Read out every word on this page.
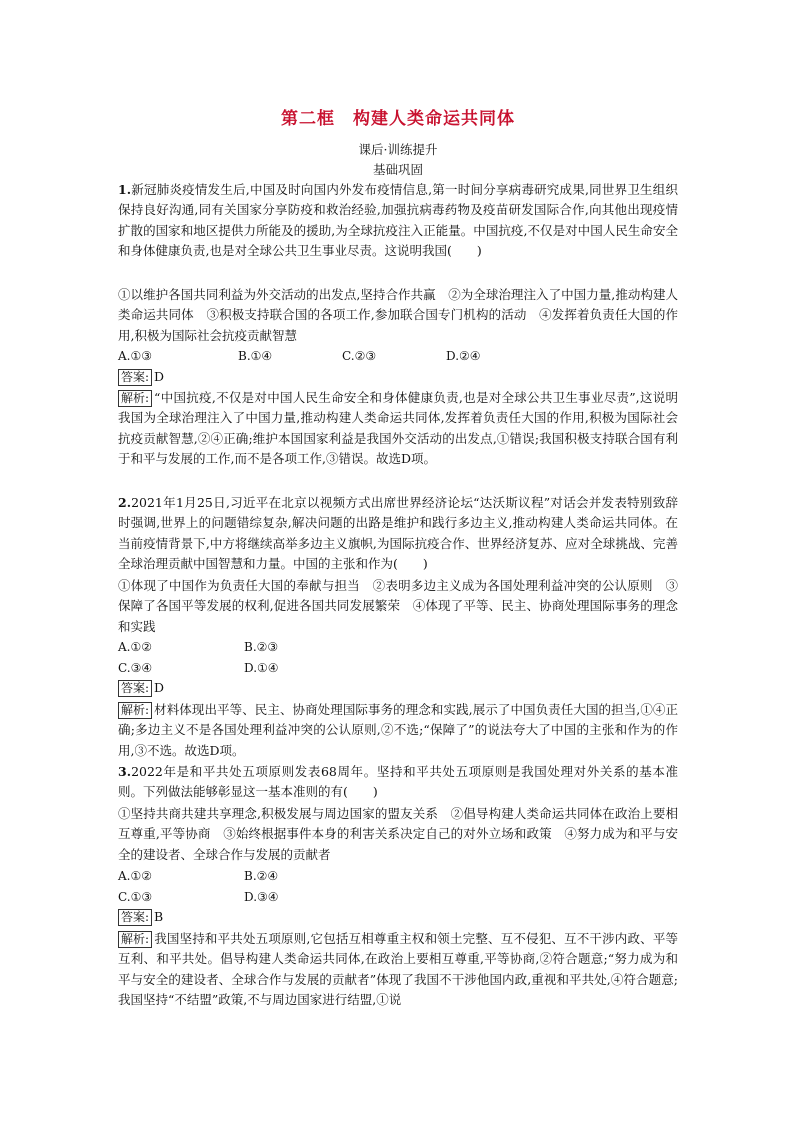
第二框　构建人类命运共同体
课后·训练提升
基础巩固
1.新冠肺炎疫情发生后,中国及时向国内外发布疫情信息,第一时间分享病毒研究成果,同世界卫生组织保持良好沟通,同有关国家分享防疫和救治经验,加强抗病毒药物及疫苗研发国际合作,向其他出现疫情扩散的国家和地区提供力所能及的援助,为全球抗疫注入正能量。中国抗疫,不仅是对中国人民生命安全和身体健康负责,也是对全球公共卫生事业尽责。这说明我国(　　)
①以维护各国共同利益为外交活动的出发点,坚持合作共赢　②为全球治理注入了中国力量,推动构建人类命运共同体　③积极支持联合国的各项工作,参加联合国专门机构的活动　④发挥着负责任大国的作用,积极为国际社会抗疫贡献智慧
A.①③	B.①④	C.②③	D.②④
答案: D
解析: “中国抗疫,不仅是对中国人民生命安全和身体健康负责,也是对全球公共卫生事业尽责”,这说明我国为全球治理注入了中国力量,推动构建人类命运共同体,发挥着负责任大国的作用,积极为国际社会抗疫贡献智慧,②④正确;维护本国国家利益是我国外交活动的出发点,①错误;我国积极支持联合国有利于和平与发展的工作,而不是各项工作,③错误。故选D项。
2.2021年1月25日,习近平在北京以视频方式出席世界经济论坛“达沃斯议程”对话会并发表特别致辞时强调,世界上的问题错综复杂,解决问题的出路是维护和践行多边主义,推动构建人类命运共同体。在当前疫情背景下,中方将继续高举多边主义旗帜,为国际抗疫合作、世界经济复苏、应对全球挑战、完善全球治理贡献中国智慧和力量。中国的主张和作为(　　)
①体现了中国作为负责任大国的奉献与担当　②表明多边主义成为各国处理利益冲突的公认原则　③保障了各国平等发展的权利,促进各国共同发展繁荣　④体现了平等、民主、协商处理国际事务的理念和实践
A.①②	B.②③
C.③④	D.①④
答案: D
解析: 材料体现出平等、民主、协商处理国际事务的理念和实践,展示了中国负责任大国的担当,①④正确;多边主义不是各国处理利益冲突的公认原则,②不选;“保障了”的说法夸大了中国的主张和作为的作用,③不选。故选D项。
3.2022年是和平共处五项原则发表68周年。坚持和平共处五项原则是我国处理对外关系的基本准则。下列做法能够彰显这一基本准则的有(　　)
①坚持共商共建共享理念,积极发展与周边国家的盟友关系　②倡导构建人类命运共同体在政治上要相互尊重,平等协商　③始终根据事件本身的利害关系决定自己的对外立场和政策　④努力成为和平与安全的建设者、全球合作与发展的贡献者
A.①②	B.②④
C.①③	D.③④
答案: B
解析: 我国坚持和平共处五项原则,它包括互相尊重主权和领土完整、互不侵犯、互不干涉内政、平等互利、和平共处。倡导构建人类命运共同体,在政治上要相互尊重,平等协商,②符合题意;“努力成为和平与安全的建设者、全球合作与发展的贡献者”体现了我国不干涉他国内政,重视和平共处,④符合题意;我国坚持“不结盟”政策,不与周边国家进行结盟,①说
